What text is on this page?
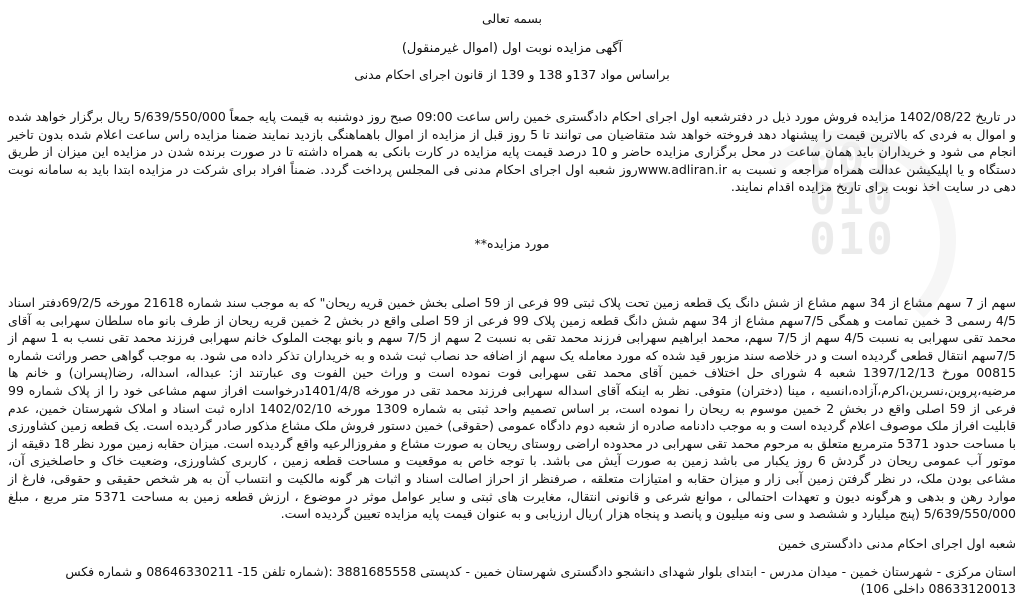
001
010
010
بسمه تعالی
آگهی مزایده نوبت اول (اموال غیرمنقول)
براساس مواد 137و 138 و 139 از قانون اجرای احکام مدنی

در تاریخ 1402/08/22 مزایده فروش مورد ذیل در دفترشعبه اول اجرای احکام دادگستری خمین راس ساعت 09:00 صبح روز دوشنبه به قیمت پایه جمعاً 5/639/550/000 ریال برگزار خواهد شده و اموال به فردی که بالاترین قیمت را پیشنهاد دهد فروخته خواهد شد متقاضیان می توانند تا 5 روز قبل از مزایده از اموال باهماهنگی بازدید نمایند ضمنا مزایده راس ساعت اعلام شده بدون تاخیر انجام می شود و خریداران باید همان ساعت در محل برگزاری مزایده حاضر و 10 درصد قیمت پایه مزایده در کارت بانکی به همراه داشته تا در صورت برنده شدن در مزایده این میزان از طریق دستگاه و یا اپلیکیشن عدالت همراه مراجعه و نسبت به www.adliran.irروز شعبه اول اجرای احکام مدنی فی المجلس پرداخت گردد. ضمناً افراد برای شرکت در مزایده ابتدا باید به سامانه نوبت دهی در سایت اخذ نوبت برای تاریخ مزایده اقدام نمایند.

مورد مزایده**

سهم از 7 سهم مشاع از 34 سهم مشاع از شش دانگ یک قطعه زمین تحت پلاک ثبتی 99 فرعی از 59 اصلی بخش خمین قریه ریحان" که به موجب سند شماره 21618 مورخه 69/2/5دفتر اسناد 4/5 رسمی 3 خمین تمامت و همگی 7/5سهم مشاع از 34 سهم شش دانگ قطعه زمین پلاک 99 فرعی از 59 اصلی واقع در بخش 2 خمین قریه ریحان از طرف بانو ماه سلطان سهرابی به آقای محمد تقی سهرابی به نسبت 4/5 سهم از 7/5 سهم، محمد ابراهیم سهرابی فرزند محمد تقی به نسبت 2 سهم از 7/5 سهم و بانو بهجت الملوک خانم سهرابی فرزند محمد تقی نسب به 1 سهم از 7/5سهم انتقال قطعی گردیده است و در خلاصه سند مزبور قید شده که مورد معامله یک سهم از اضافه حد نصاب ثبت شده و به خریداران تذکر داده می شود. به موجب گواهی حصر وراثت شماره 00815 مورخ 1397/12/13 شعبه 4 شورای حل اختلاف خمین آقای محمد تقی سهرابی فوت نموده است و وراث حین الفوت وی عبارتند از: عبداله، اسداله، رضا(پسران) و خانم ها مرضیه،پروین،نسرین،اکرم،آزاده،انسیه ، مینا (دختران) متوفی. نظر به اینکه آقای اسداله سهرابی فرزند محمد تقی در مورخه 1401/4/8درخواست افراز سهم مشاعی خود را از پلاک شماره 99 فرعی از 59 اصلی واقع در بخش 2 خمین موسوم به ریحان را نموده است، بر اساس تصمیم واحد ثبتی به شماره 1309 مورخه 1402/02/10 اداره ثبت اسناد و املاک شهرستان خمین، عدم قابلیت افراز ملک موصوف اعلام گردیده است و به موجب دادنامه صادره از شعبه دوم دادگاه عمومی (حقوقی) خمین دستور فروش ملک مشاع مذکور صادر گردیده است. یک قطعه زمین کشاورزی با مساحت حدود 5371 مترمربع متعلق به مرحوم محمد تقی سهرابی در محدوده اراضی روستای ریحان به صورت مشاع و مفروزالرعیه واقع گردیده است. میزان حقابه زمین مورد نظر 18 دقیقه از موتور آب عمومی ریحان در گردش 6 روز یکبار می باشد زمین به صورت آیش می باشد. با توجه خاص به موقعیت و مساحت قطعه زمین ، کاربری کشاورزی، وضعیت خاک و حاصلخیزی آن، مشاعی بودن ملک، در نظر گرفتن زمین آبی زار و میزان حقابه و امتیازات متعلقه ، صرفنظر از احراز اصالت اسناد و اثبات هر گونه مالکیت و انتساب آن به هر شخص حقیقی و حقوقی، فارغ از موارد رهن و بدهی و هرگونه دیون و تعهدات احتمالی ، موانع شرعی و قانونی انتقال، مغایرت های ثبتی و سایر عوامل موثر در موضوع ، ارزش قطعه زمین به مساحت 5371 متر مربع ، مبلغ 5/639/550/000 (پنج میلیارد و ششصد و سی ونه میلیون و پانصد و پنجاه هزار )ریال ارزیابی و به عنوان قیمت پایه مزایده تعیین گردیده است.

شعبه اول اجرای احکام مدنی دادگستری خمین
استان مرکزی - شهرستان خمین - میدان مدرس - ابتدای بلوار شهدای دانشجو دادگستری شهرستان خمین - کدپستی 3881685558 :(شماره تلفن 15- 08646330211 و شماره فکس 08633120013 داخلی 106)
